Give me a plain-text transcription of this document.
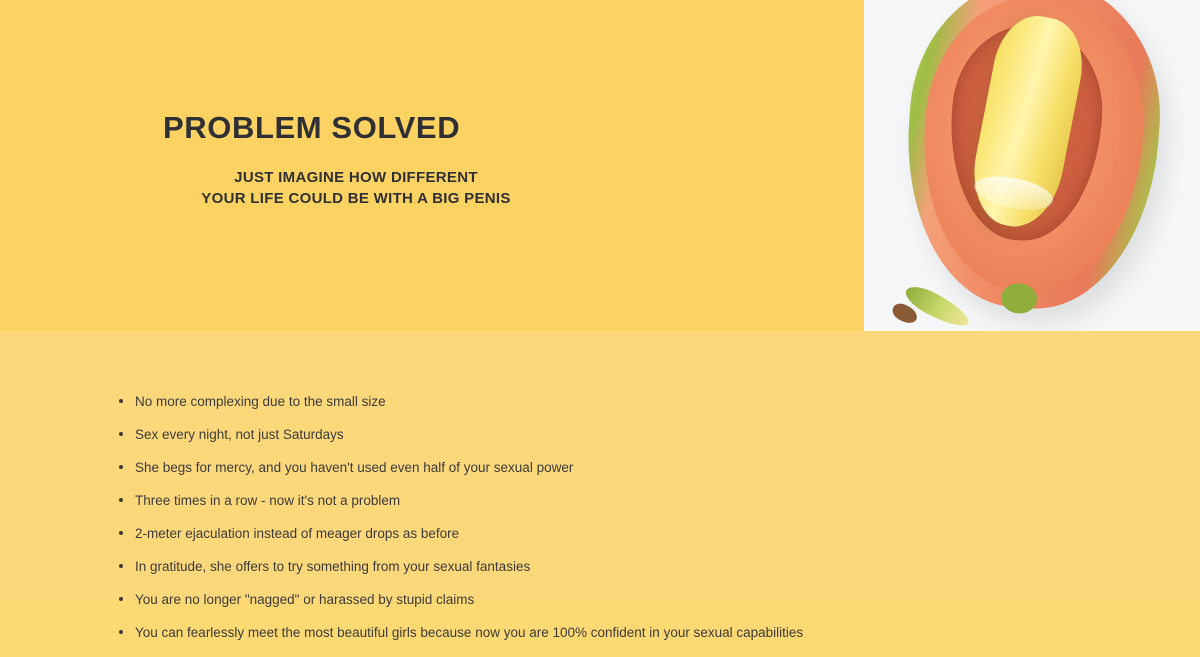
PROBLEM SOLVED
JUST IMAGINE HOW DIFFERENT
YOUR LIFE COULD BE WITH A BIG PENIS
No more complexing due to the small size
Sex every night, not just Saturdays
She begs for mercy, and you haven't used even half of your sexual power
Three times in a row - now it's not a problem
2-meter ejaculation instead of meager drops as before
In gratitude, she offers to try something from your sexual fantasies
You are no longer "nagged" or harassed by stupid claims
You can fearlessly meet the most beautiful girls because now you are 100% confident in your sexual capabilities
